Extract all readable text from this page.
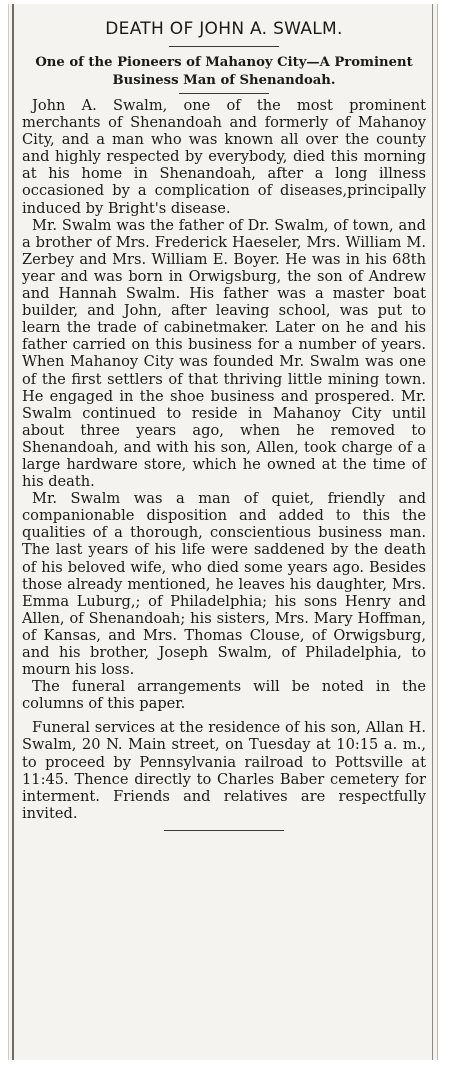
DEATH OF JOHN A. SWALM.
One of the Pioneers of Mahanoy City—A Prominent Business Man of Shenandoah.

John A. Swalm, one of the most prominent merchants of Shenandoah and formerly of Mahanoy City, and a man who was known all over the county and highly respected by everybody, died this morning at his home in Shenandoah, after a long illness occasioned by a complication of diseases,principally induced by Bright's disease.

Mr. Swalm was the father of Dr. Swalm, of town, and a brother of Mrs. Frederick Haeseler, Mrs. William M. Zerbey and Mrs. William E. Boyer. He was in his 68th year and was born in Orwigsburg, the son of Andrew and Hannah Swalm. His father was a master boat builder, and John, after leaving school, was put to learn the trade of cabinetmaker. Later on he and his father carried on this business for a number of years. When Mahanoy City was founded Mr. Swalm was one of the first settlers of that thriving little mining town. He engaged in the shoe business and prospered. Mr. Swalm continued to reside in Mahanoy City until about three years ago, when he removed to Shenandoah, and with his son, Allen, took charge of a large hardware store, which he owned at the time of his death.

Mr. Swalm was a man of quiet, friendly and companionable disposition and added to this the qualities of a thorough, conscientious business man. The last years of his life were saddened by the death of his beloved wife, who died some years ago. Besides those already mentioned, he leaves his daughter, Mrs. Emma Luburg,; of Philadelphia; his sons Henry and Allen, of Shenandoah; his sisters, Mrs. Mary Hoffman, of Kansas, and Mrs. Thomas Clouse, of Orwigsburg, and his brother, Joseph Swalm, of Philadelphia, to mourn his loss.

The funeral arrangements will be noted in the columns of this paper.

Funeral services at the residence of his son, Allan H. Swalm, 20 N. Main street, on Tuesday at 10:15 a. m., to proceed by Pennsylvania railroad to Pottsville at 11:45. Thence directly to Charles Baber cemetery for interment. Friends and relatives are respectfully invited.
